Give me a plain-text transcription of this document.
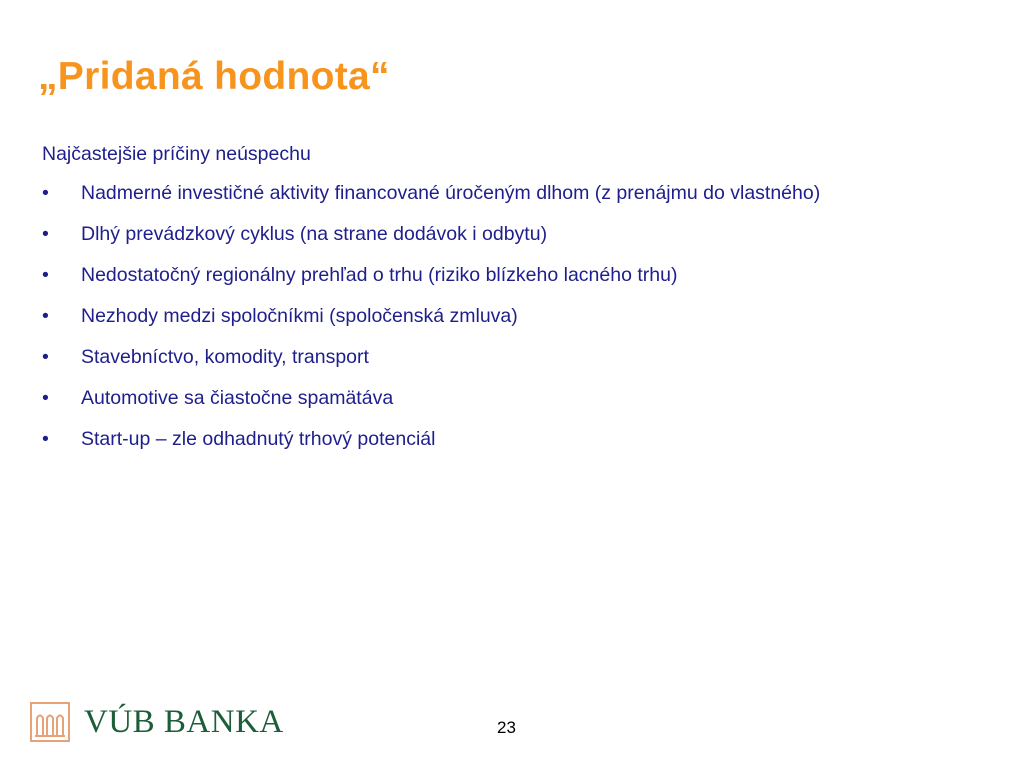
„Pridaná hodnota“
Najčastejšie príčiny neúspechu
• Nadmerné investičné aktivity financované úročeným dlhom (z prenájmu do vlastného)
• Dlhý prevádzkový cyklus (na strane dodávok i odbytu)
• Nedostatočný regionálny prehľad o trhu (riziko blízkeho lacného trhu)
• Nezhody medzi spoločníkmi (spoločenská zmluva)
• Stavebníctvo, komodity, transport
• Automotive sa čiastočne spamätáva
• Start-up – zle odhadnutý trhový potenciál
VÚB BANKA	23
